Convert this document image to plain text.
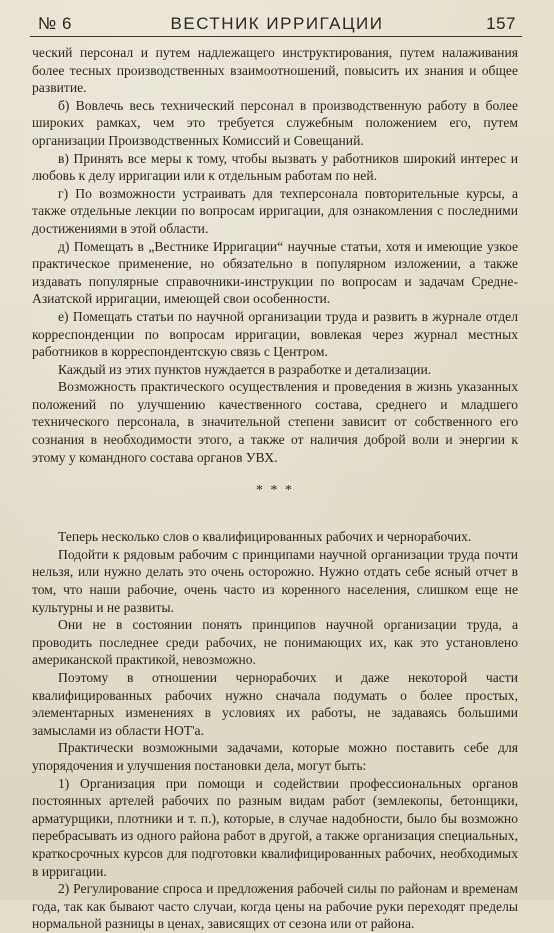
№ 6	ВЕСТНИК ИРРИГАЦИИ	157

ческий персонал и путем надлежащего инструктирования, путем налаживания более тесных производственных взаимоотношений, повысить их знания и общее развитие.

б) Вовлечь весь технический персонал в производственную работу в более широких рамках, чем это требуется служебным положением его, путем организации Производственных Комиссий и Совещаний.

в) Принять все меры к тому, чтобы вызвать у работников широкий интерес и любовь к делу ирригации или к отдельным работам по ней.

г) По возможности устраивать для техперсонала повторительные курсы, а также отдельные лекции по вопросам ирригации, для ознакомления с последними достижениями в этой области.

д) Помещать в „Вестнике Ирригации“ научные статьи, хотя и имеющие узкое практическое применение, но обязательно в популярном изложении, а также издавать популярные справочники-инструкции по вопросам и задачам Средне-Азиатской ирригации, имеющей свои особенности.

е) Помещать статьи по научной организации труда и развить в журнале отдел корреспонденции по вопросам ирригации, вовлекая через журнал местных работников в корреспондентскую связь с Центром.

Каждый из этих пунктов нуждается в разработке и детализации.

Возможность практического осуществления и проведения в жизнь указанных положений по улучшению качественного состава, среднего и младшего технического персонала, в значительной степени зависит от собственного его сознания в необходимости этого, а также от наличия доброй воли и энергии к этому у командного состава органов УВХ.

* * *

Теперь несколько слов о квалифицированных рабочих и чернорабочих.

Подойти к рядовым рабочим с принципами научной организации труда почти нельзя, или нужно делать это очень осторожно. Нужно отдать себе ясный отчет в том, что наши рабочие, очень часто из коренного населения, слишком еще не культурны и не развиты.

Они не в состоянии понять принципов научной организации труда, а проводить последнее среди рабочих, не понимающих их, как это установлено американской практикой, невозможно.

Поэтому в отношении чернорабочих и даже некоторой части квалифицированных рабочих нужно сначала подумать о более простых, элементарных изменениях в условиях их работы, не задаваясь большими замыслами из области НОТ'а.

Практически возможными задачами, которые можно поставить себе для упорядочения и улучшения постановки дела, могут быть:

1) Организация при помощи и содействии профессиональных органов постоянных артелей рабочих по разным видам работ (землекопы, бетонщики, арматурщики, плотники и т. п.), которые, в случае надобности, было бы возможно перебрасывать из одного района работ в другой, а также организация специальных, краткосрочных курсов для подготовки квалифицированных рабочих, необходимых в ирригации.

2) Регулирование спроса и предложения рабочей силы по районам и временам года, так как бывают часто случаи, когда цены на рабочие руки переходят пределы нормальной разницы в ценах, зависящих от сезона или от района.
